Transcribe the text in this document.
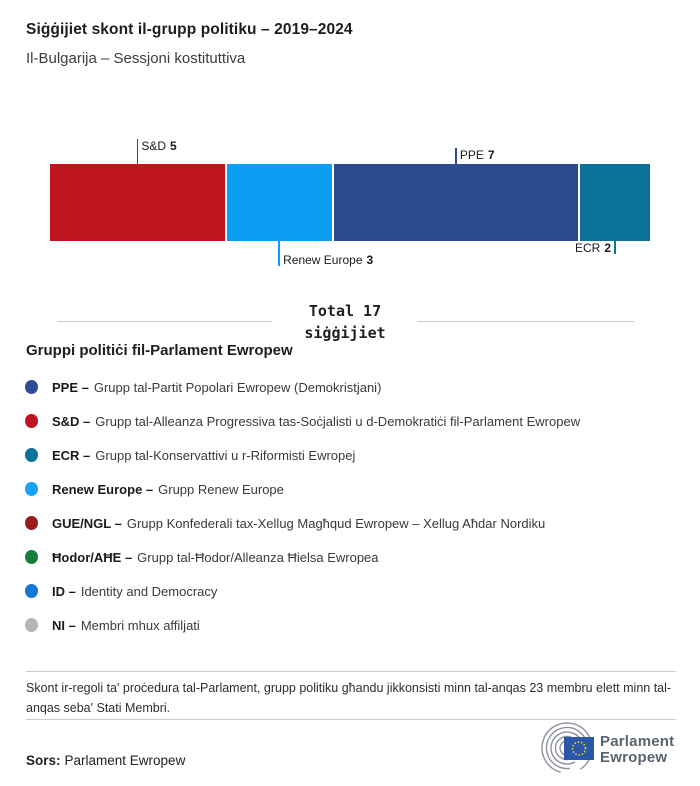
Siġġijiet skont il-grupp politiku – 2019–2024
Il-Bulgarija – Sessjoni kostituttiva
S&D 5
Renew Europe 3
PPE 7
ECR 2
Total 17
siġġijiet
Gruppi politiċi fil-Parlament Ewropew
PPE – Grupp tal-Partit Popolari Ewropew (Demokristjani)
S&D – Grupp tal-Alleanza Progressiva tas-Soċjalisti u d-Demokratiċi fil-Parlament Ewropew
ECR – Grupp tal-Konservattivi u r-Riformisti Ewropej
Renew Europe – Grupp Renew Europe
GUE/NGL – Grupp Konfederali tax-Xellug Magħqud Ewropew – Xellug Aħdar Nordiku
Ħodor/AĦE – Grupp tal-Ħodor/Alleanza Ħielsa Ewropea
ID – Identity and Democracy
NI – Membri mhux affiljati
Skont ir-regoli ta' proċedura tal-Parlament, grupp politiku għandu jikkonsisti minn tal-anqas 23 membru elett minn tal-anqas seba' Stati Membri.
Sors: Parlament Ewropew
Parlament
Ewropew
